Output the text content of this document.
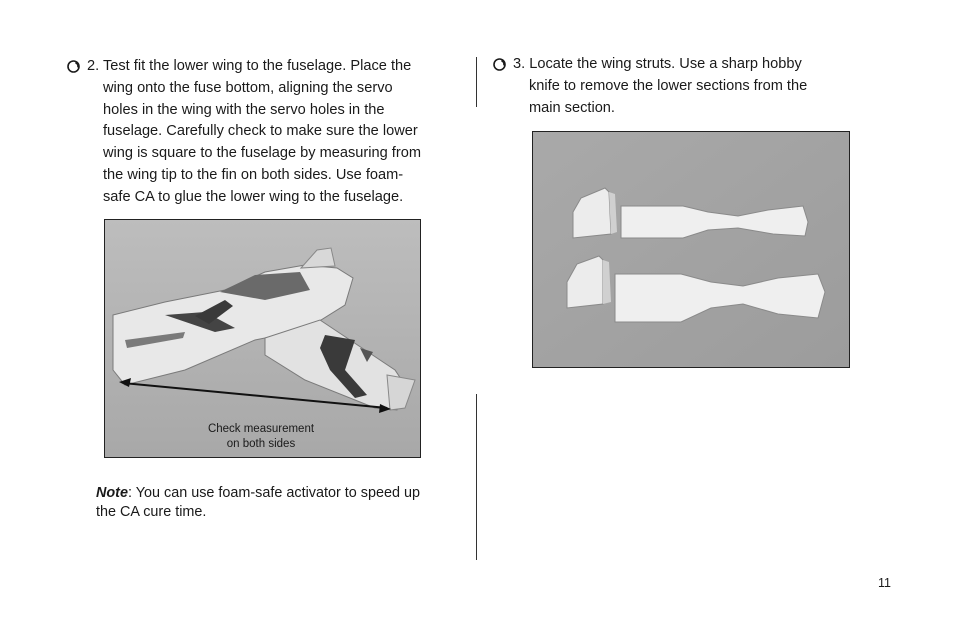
2. Test fit the lower wing to the fuselage. Place the
wing onto the fuse bottom, aligning the servo
holes in the wing with the servo holes in the
fuselage. Carefully check to make sure the lower
wing is square to the fuselage by measuring from
the wing tip to the fin on both sides. Use foam-
safe CA to glue the lower wing to the fuselage.
Check measurement
on both sides
Note: You can use foam-safe activator to speed up the CA cure time.
3. Locate the wing struts. Use a sharp hobby
knife to remove the lower sections from the
main section.
11
